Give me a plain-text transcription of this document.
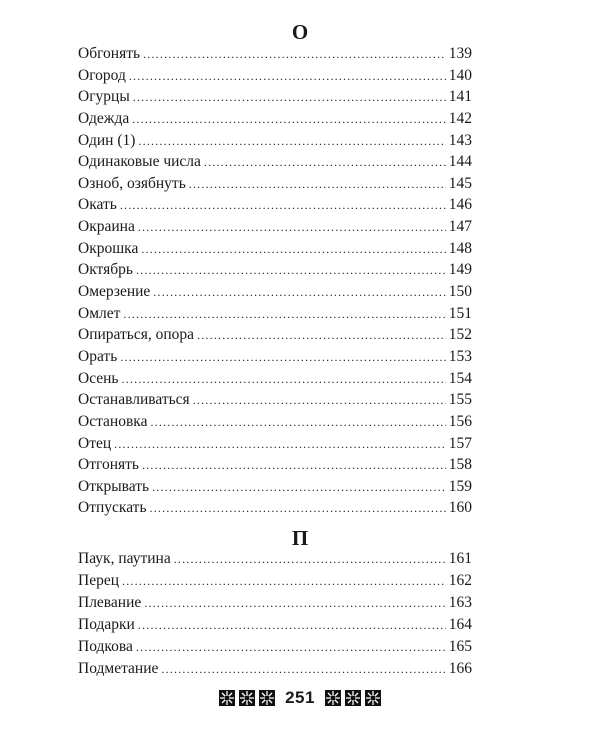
О
Обгонять .....	139
Огород .....	140
Огурцы .....	141
Одежда .....	142
Один (1) .....	143
Одинаковые числа .....	144
Озноб, озябнуть .....	145
Окать .....	146
Окраина .....	147
Окрошка .....	148
Октябрь .....	149
Омерзение .....	150
Омлет .....	151
Опираться, опора .....	152
Орать .....	153
Осень .....	154
Останавливаться .....	155
Остановка .....	156
Отец .....	157
Отгонять .....	158
Открывать .....	159
Отпускать .....	160
П
Паук, паутина .....	161
Перец .....	162
Плевание .....	163
Подарки .....	164
Подкова .....	165
Подметание .....	166
251
